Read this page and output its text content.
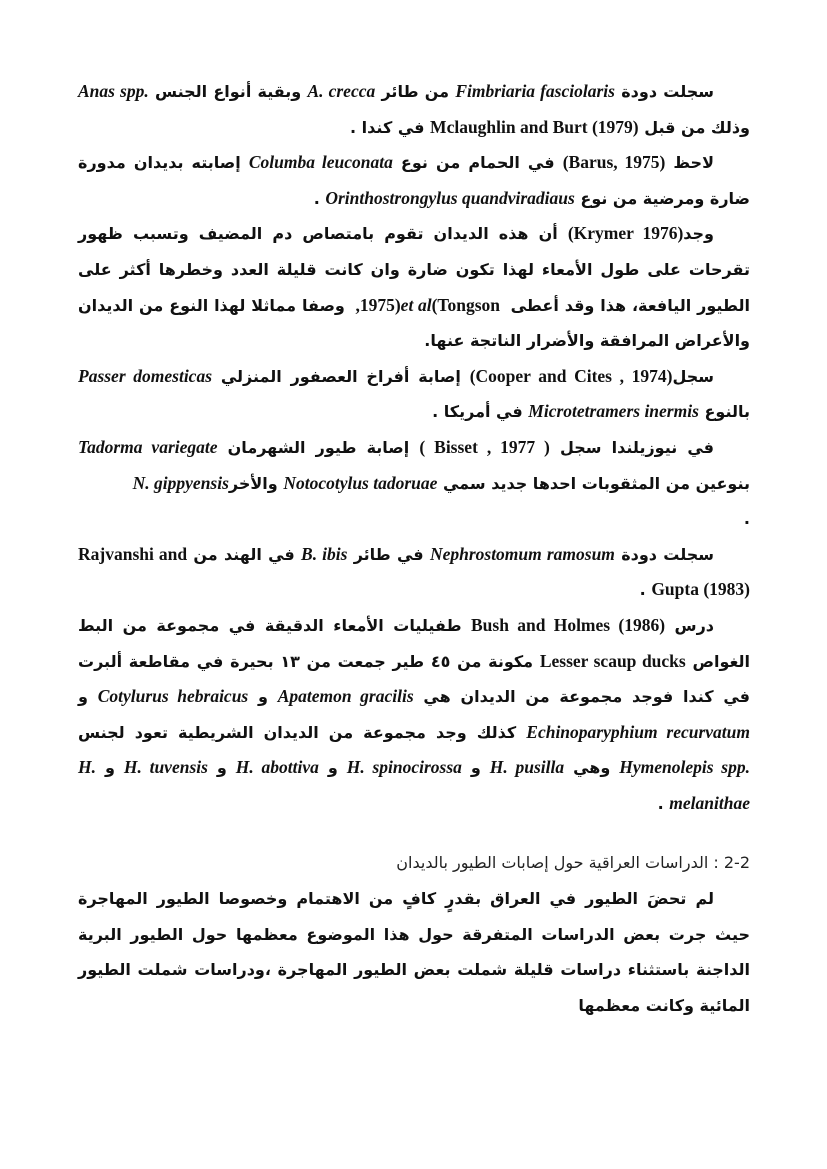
سجلت دودة Fimbriaria fasciolaris من طائر A. crecca وبقية أنواع الجنس Anas spp. وذلك من قبل Mclaughlin and Burt (1979) في كندا .

لاحظ (Barus, 1975) في الحمام من نوع Columba leuconata إصابته بديدان مدورة ضارة ومرضية من نوع Orinthostrongylus quandviradiaus .

وجد(Krymer 1976) أن هذه الديدان تقوم بامتصاص دم المضيف وتسبب ظهور تقرحات على طول الأمعاء لهذا تكون ضارة وان كانت قليلة العدد وخطرها أكثر على الطيور اليافعة، هذا وقد أعطى (Tongson et al ,1975) وصفا مماثلا لهذا النوع من الديدان والأعراض المرافقة والأضرار الناتجة عنها.

سجل(Cooper and Cites , 1974) إصابة أفراخ العصفور المنزلي Passer domesticas بالنوع Microtetramers inermis في أمريكا .

في نيوزيلندا سجل ( Bisset , 1977 ) إصابة طيور الشهرمان Tadorma variegate بنوعين من المثقوبات احدها جديد سمي Notocotylus tadoruae والأخرN. gippyensis

.

سجلت دودة Nephrostomum ramosum في طائر B. ibis في الهند من Rajvanshi and Gupta (1983) .

درس Bush and Holmes (1986) طفيليات الأمعاء الدقيقة في مجموعة من البط الغواص Lesser scaup ducks مكونة من ٤٥ طير جمعت من ١٣ بحيرة في مقاطعة ألبرت في كندا فوجد مجموعة من الديدان هي Apatemon gracilis و Cotylurus hebraicus و Echinoparyphium recurvatum كذلك وجد مجموعة من الديدان الشريطية تعود لجنس Hymenolepis spp. وهي H. pusilla و H. spinocirossa و H. abottiva و H. tuvensis و H. melanithae .

2-2 : الدراسات العراقية حول إصابات الطيور بالديدان

لم تحضَ الطيور في العراق بقدرٍ كافٍ من الاهتمام وخصوصا الطيور المهاجرة حيث جرت بعض الدراسات المتفرقة حول هذا الموضوع معظمها حول الطيور البرية الداجنة باستثناء دراسات قليلة شملت بعض الطيور المهاجرة ،ودراسات شملت الطيور المائية وكانت معظمها
